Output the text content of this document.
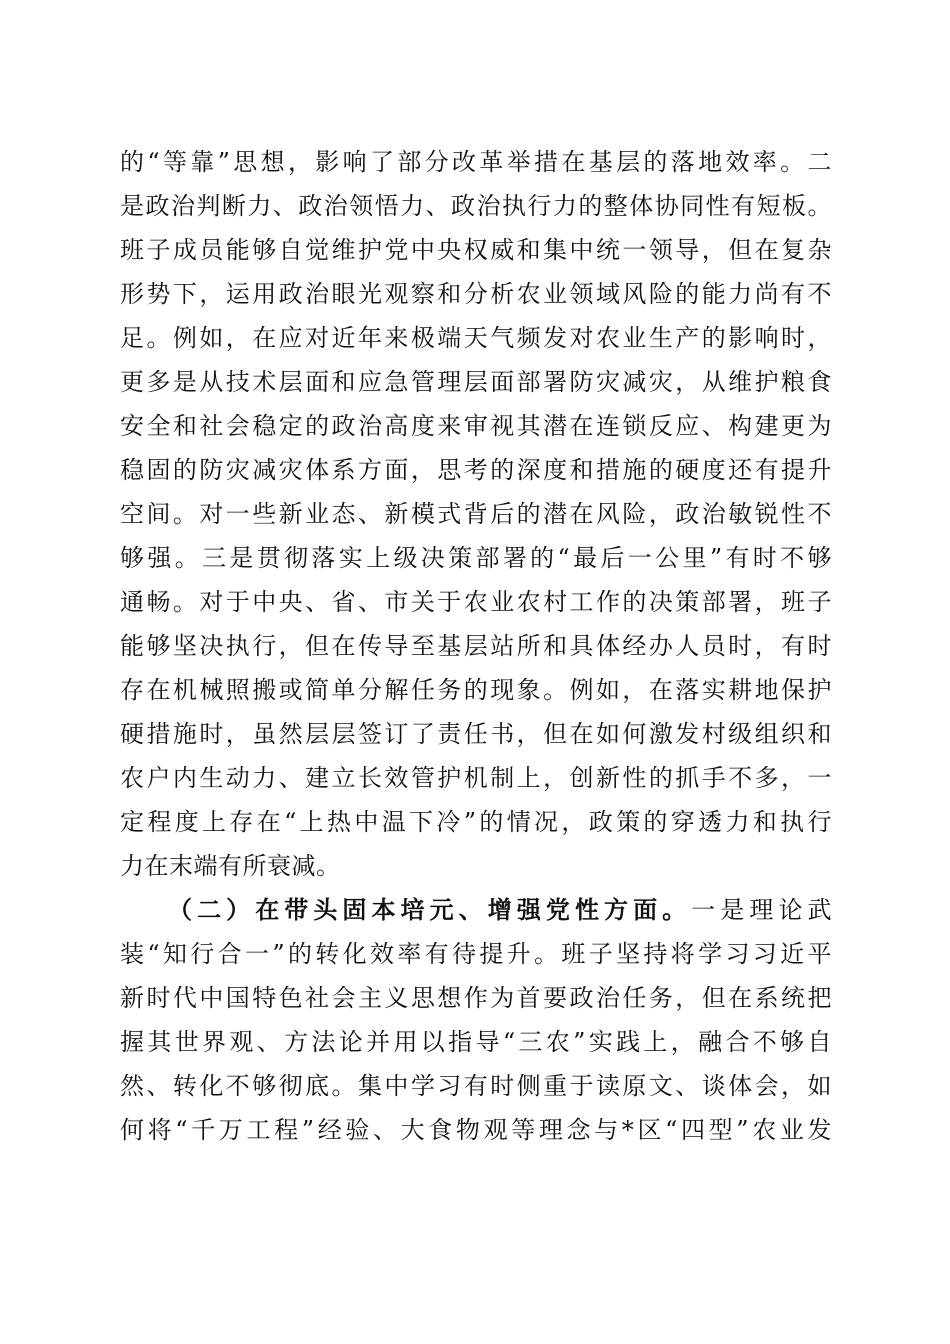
的“等靠”思想，影响了部分改革举措在基层的落地效率。二
是政治判断力、政治领悟力、政治执行力的整体协同性有短板。
班子成员能够自觉维护党中央权威和集中统一领导，但在复杂
形势下，运用政治眼光观察和分析农业领域风险的能力尚有不
足。例如，在应对近年来极端天气频发对农业生产的影响时，
更多是从技术层面和应急管理层面部署防灾减灾，从维护粮食
安全和社会稳定的政治高度来审视其潜在连锁反应、构建更为
稳固的防灾减灾体系方面，思考的深度和措施的硬度还有提升
空间。对一些新业态、新模式背后的潜在风险，政治敏锐性不
够强。三是贯彻落实上级决策部署的“最后一公里”有时不够
通畅。对于中央、省、市关于农业农村工作的决策部署，班子
能够坚决执行，但在传导至基层站所和具体经办人员时，有时
存在机械照搬或简单分解任务的现象。例如，在落实耕地保护
硬措施时，虽然层层签订了责任书，但在如何激发村级组织和
农户内生动力、建立长效管护机制上，创新性的抓手不多，一
定程度上存在“上热中温下冷”的情况，政策的穿透力和执行
力在末端有所衰减。
（二）在带头固本培元、增强党性方面。一是理论武
装“知行合一”的转化效率有待提升。班子坚持将学习习近平
新时代中国特色社会主义思想作为首要政治任务，但在系统把
握其世界观、方法论并用以指导“三农”实践上，融合不够自
然、转化不够彻底。集中学习有时侧重于读原文、谈体会，如
何将“千万工程”经验、大食物观等理念与*区“四型”农业发
